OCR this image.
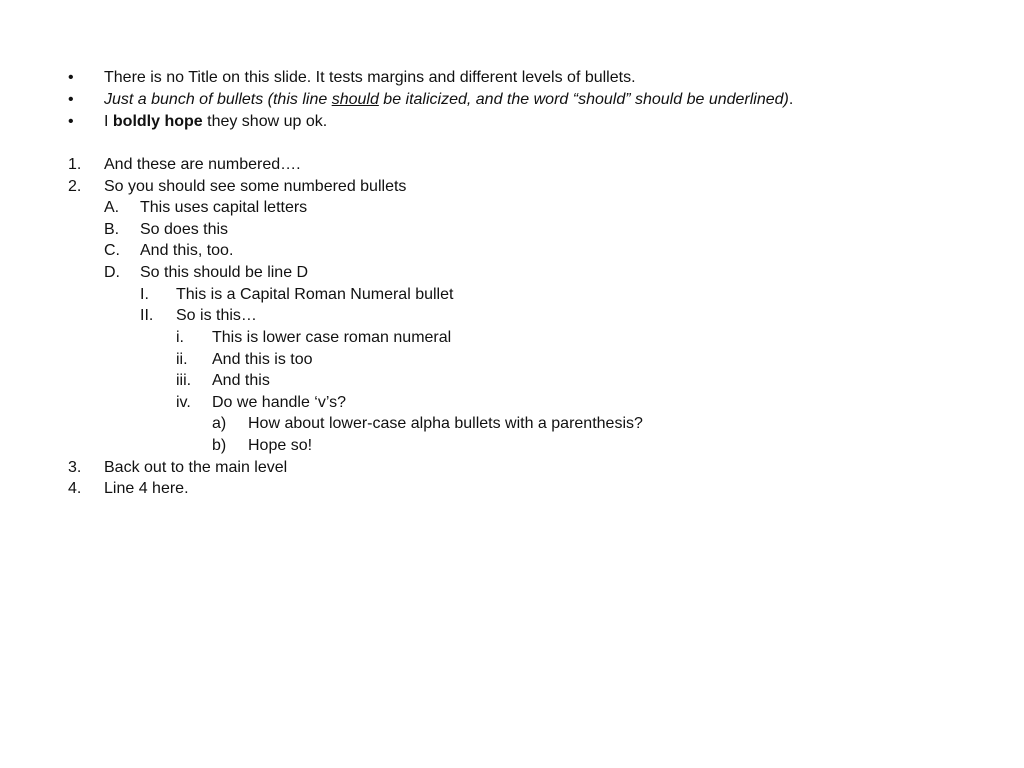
• There is no Title on this slide. It tests margins and different levels of bullets.
• Just a bunch of bullets (this line should be italicized, and the word “should” should be underlined).
• I boldly hope they show up ok.
1. And these are numbered….
2. So you should see some numbered bullets
A. This uses capital letters
B. So does this
C. And this, too.
D. So this should be line D
I. This is a Capital Roman Numeral bullet
II. So is this…
i. This is lower case roman numeral
ii. And this is too
iii. And this
iv. Do we handle ‘v’s?
a) How about lower-case alpha bullets with a parenthesis?
b) Hope so!
3. Back out to the main level
4. Line 4 here.
